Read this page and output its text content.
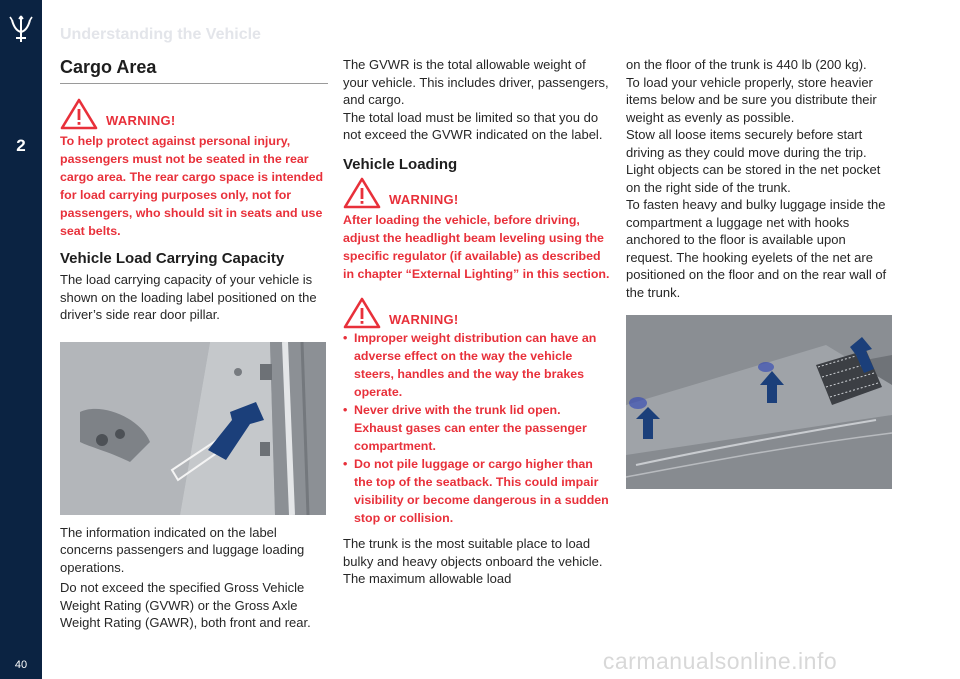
2
40
Understanding the Vehicle
Cargo Area
WARNING!

To help protect against personal injury, passengers must not be seated in the rear cargo area. The rear cargo space is intended for load carrying purposes only, not for passengers, who should sit in seats and use seat belts.

Vehicle Load Carrying Capacity

The load carrying capacity of your vehicle is shown on the loading label positioned on the driver’s side rear door pillar.

The information indicated on the label concerns passengers and luggage loading operations.

Do not exceed the specified Gross Vehicle Weight Rating (GVWR) or the Gross Axle Weight Rating (GAWR), both front and rear.

The GVWR is the total allowable weight of your vehicle. This includes driver, passengers, and cargo.

The total load must be limited so that you do not exceed the GVWR indicated on the label.

Vehicle Loading
WARNING!

After loading the vehicle, before driving, adjust the headlight beam leveling using the specific regulator (if available) as described in chapter “External Lighting” in this section.

WARNING!
• Improper weight distribution can have an adverse effect on the way the vehicle steers, handles and the way the brakes operate.
• Never drive with the trunk lid open. Exhaust gases can enter the passenger compartment.
• Do not pile luggage or cargo higher than the top of the seatback. This could impair visibility or become dangerous in a sudden stop or collision.

The trunk is the most suitable place to load bulky and heavy objects onboard the vehicle. The maximum allowable load

on the floor of the trunk is 440 lb (200 kg).

To load your vehicle properly, store heavier items below and be sure you distribute their weight as evenly as possible.

Stow all loose items securely before start driving as they could move during the trip.

Light objects can be stored in the net pocket on the right side of the trunk.

To fasten heavy and bulky luggage inside the compartment a luggage net with hooks anchored to the floor is available upon request. The hooking eyelets of the net are positioned on the floor and on the rear wall of the trunk.

carmanualsonline.info
